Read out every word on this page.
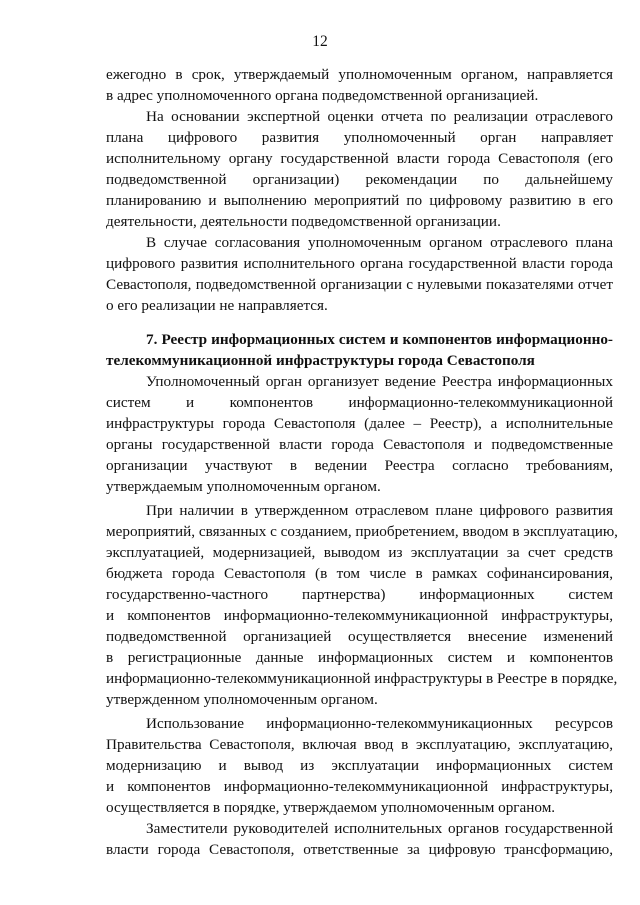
12
ежегодно в срок, утверждаемый уполномоченным органом, направляется
в адрес уполномоченного органа подведомственной организацией.
На основании экспертной оценки отчета по реализации отраслевого
плана цифрового развития уполномоченный орган направляет
исполнительному органу государственной власти города Севастополя (его
подведомственной организации) рекомендации по дальнейшему
планированию и выполнению мероприятий по цифровому развитию в его
деятельности, деятельности подведомственной организации.
В случае согласования уполномоченным органом отраслевого плана
цифрового развития исполнительного органа государственной власти города
Севастополя, подведомственной организации с нулевыми показателями отчет
о его реализации не направляется.
7. Реестр информационных систем и компонентов информационно-
телекоммуникационной инфраструктуры города Севастополя
Уполномоченный орган организует ведение Реестра информационных
систем и компонентов информационно-телекоммуникационной
инфраструктуры города Севастополя (далее – Реестр), а исполнительные
органы государственной власти города Севастополя и подведомственные
организации участвуют в ведении Реестра согласно требованиям,
утверждаемым уполномоченным органом.
При наличии в утвержденном отраслевом плане цифрового развития
мероприятий, связанных с созданием, приобретением, вводом в эксплуатацию,
эксплуатацией, модернизацией, выводом из эксплуатации за счет средств
бюджета города Севастополя (в том числе в рамках софинансирования,
государственно-частного партнерства) информационных систем
и компонентов информационно-телекоммуникационной инфраструктуры,
подведомственной организацией осуществляется внесение изменений
в регистрационные данные информационных систем и компонентов
информационно-телекоммуникационной инфраструктуры в Реестре в порядке,
утвержденном уполномоченным органом.
Использование информационно-телекоммуникационных ресурсов
Правительства Севастополя, включая ввод в эксплуатацию, эксплуатацию,
модернизацию и вывод из эксплуатации информационных систем
и компонентов информационно-телекоммуникационной инфраструктуры,
осуществляется в порядке, утверждаемом уполномоченным органом.
Заместители руководителей исполнительных органов государственной
власти города Севастополя, ответственные за цифровую трансформацию,
